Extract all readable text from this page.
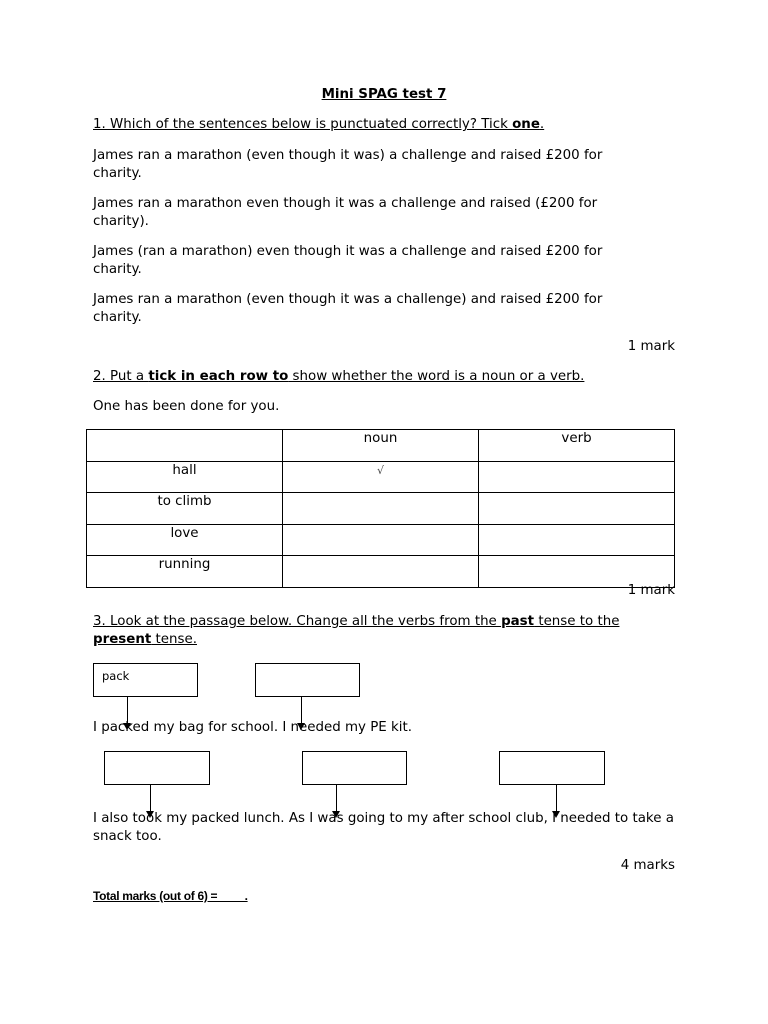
Mini SPAG test 7
1. Which of the sentences below is punctuated correctly? Tick one.
James ran a marathon (even though it was) a challenge and raised £200 for charity.
James ran a marathon even though it was a challenge and raised (£200 for charity).
James (ran a marathon) even though it was a challenge and raised £200 for charity.
James ran a marathon (even though it was a challenge) and raised £200 for charity.
1 mark
2. Put a tick in each row to show whether the word is a noun or a verb.
One has been done for you.
	noun	verb
hall	√	
to climb		
love		
running		
1 mark
3. Look at the passage below. Change all the verbs from the past tense to the present tense.
pack
I packed my bag for school. I needed my PE kit.
I also took my packed lunch. As I was going to my after school club, I needed to take a snack too.
4 marks
Total marks (out of 6) =         .
